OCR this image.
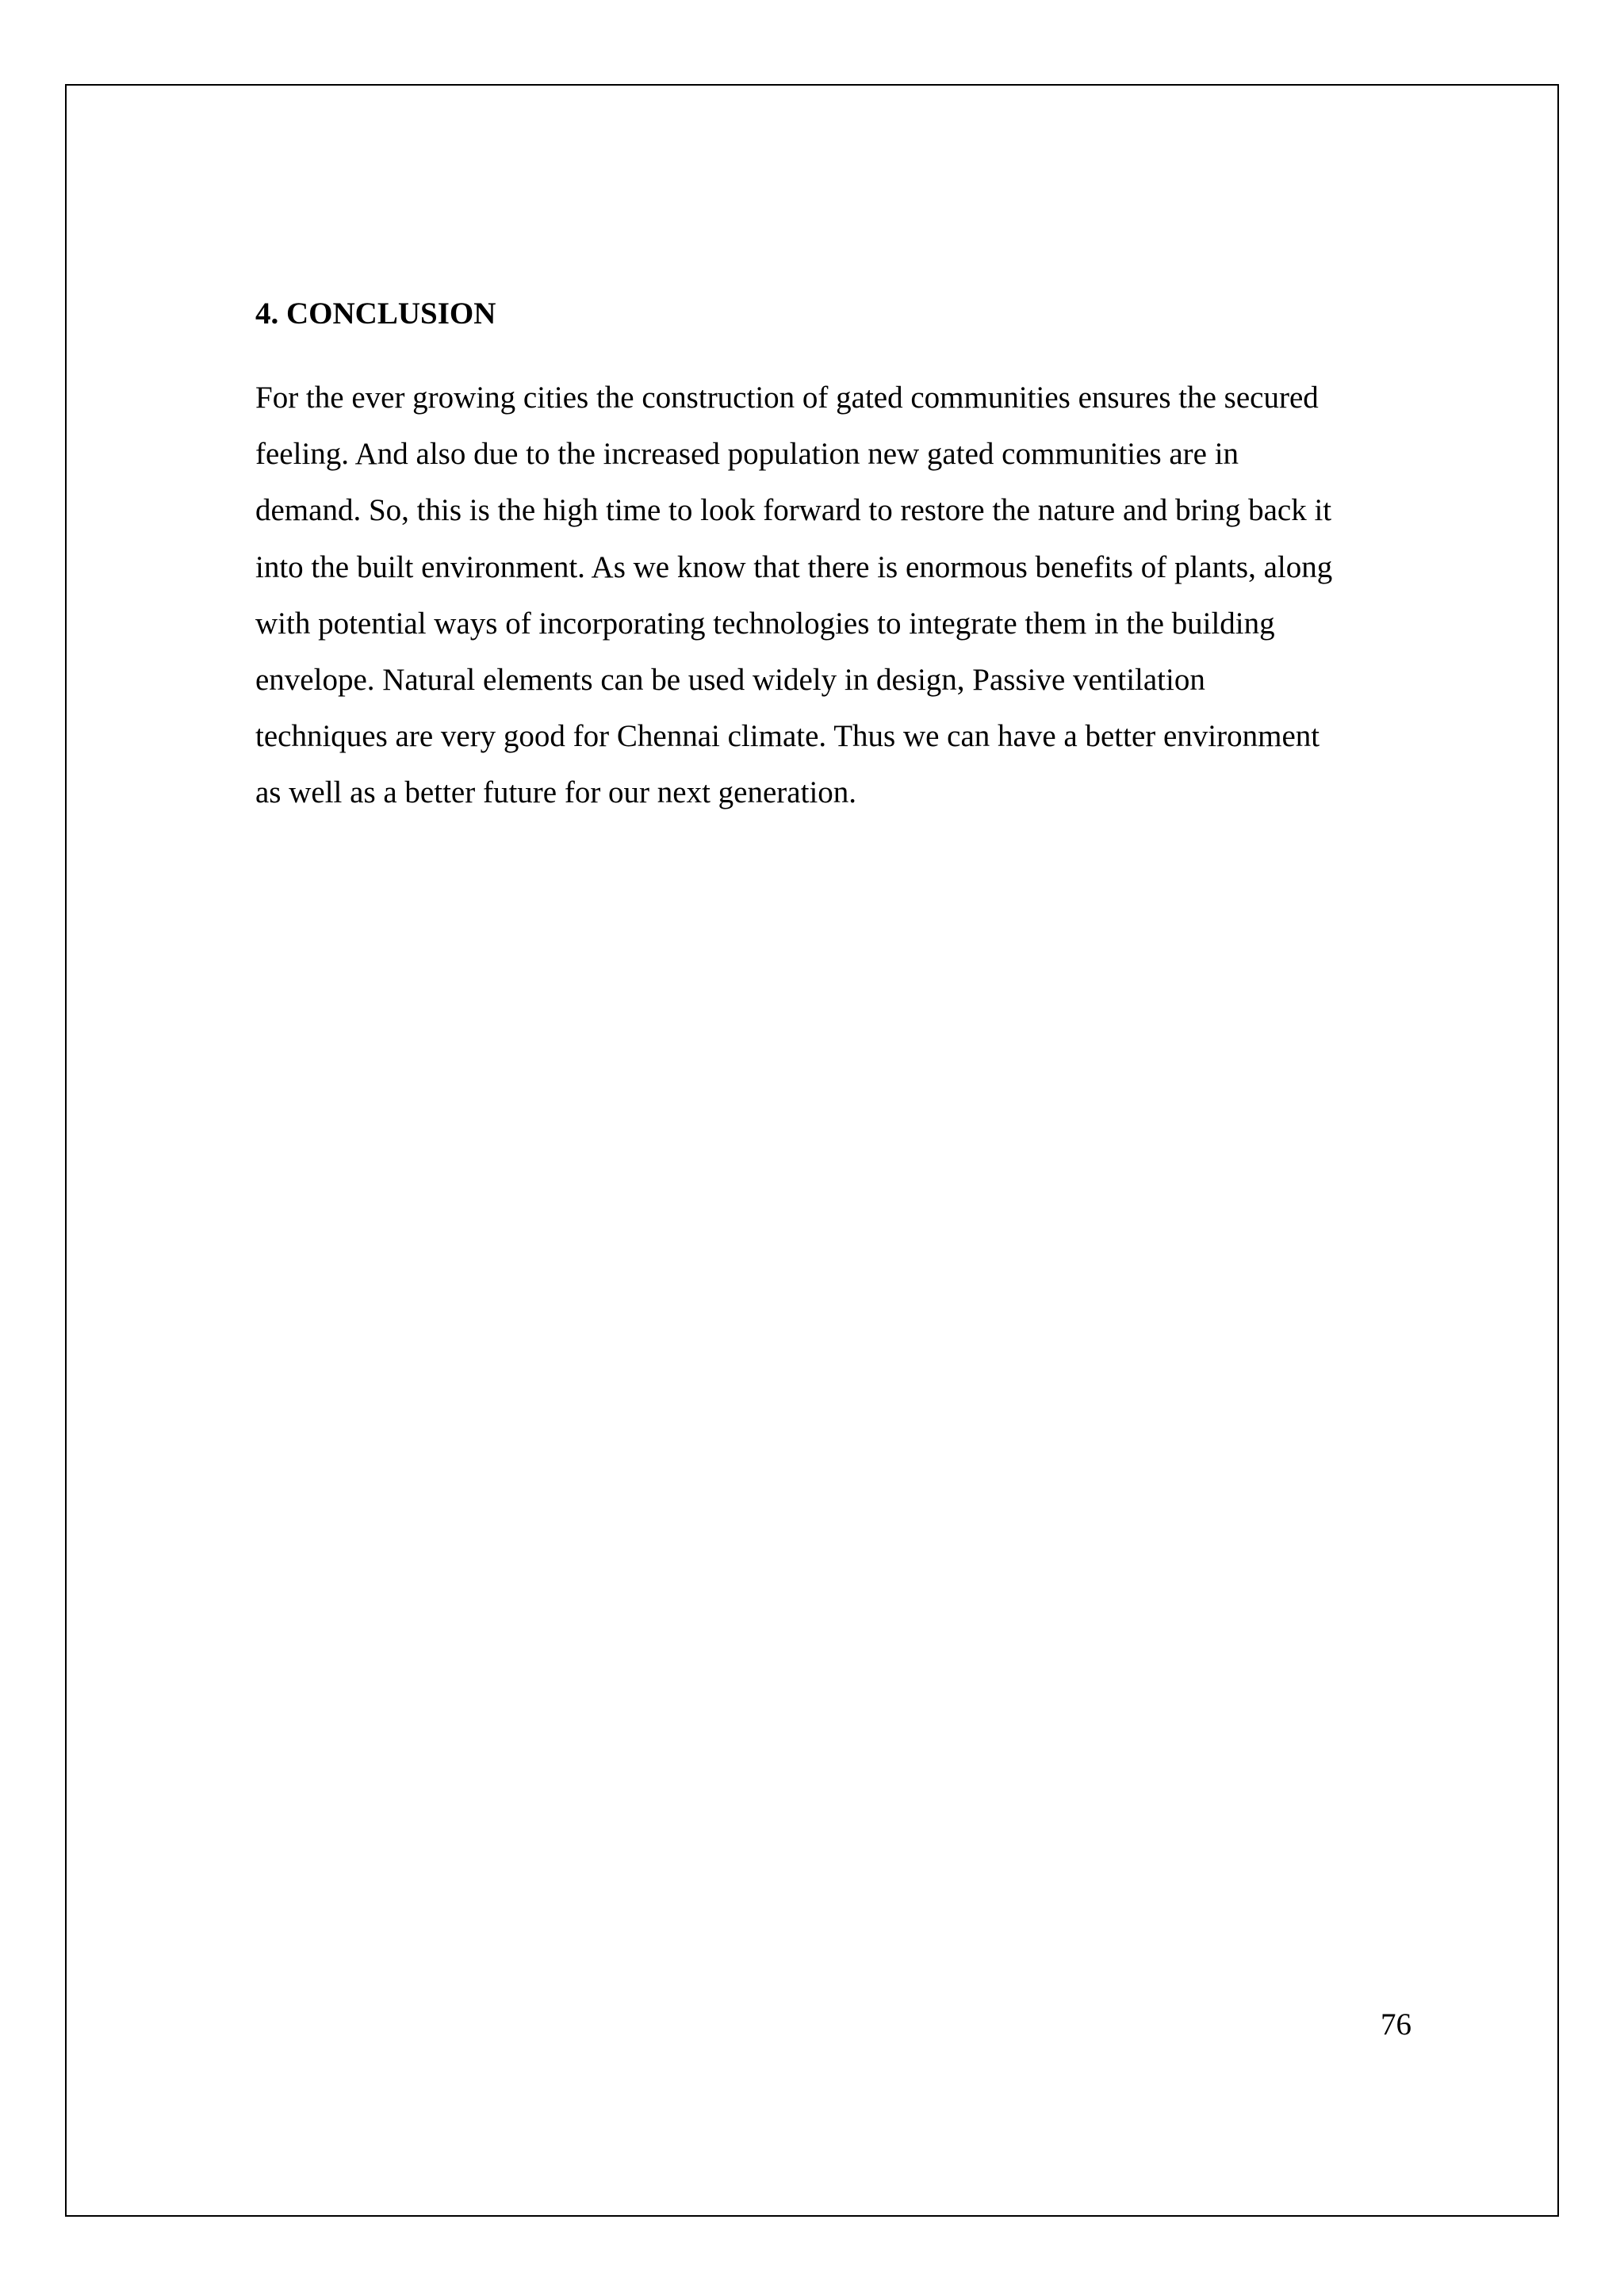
4. CONCLUSION
For the ever growing cities the construction of gated communities ensures the secured
feeling. And also due to the increased population new gated communities are in
demand. So, this is the high time to look forward to restore the nature and bring back it
into the built environment. As we know that there is enormous benefits of plants, along
with potential ways of incorporating technologies to integrate them in the building
envelope. Natural elements can be used widely in design, Passive ventilation
techniques are very good for Chennai climate. Thus we can have a better environment
as well as a better future for our next generation.
76
